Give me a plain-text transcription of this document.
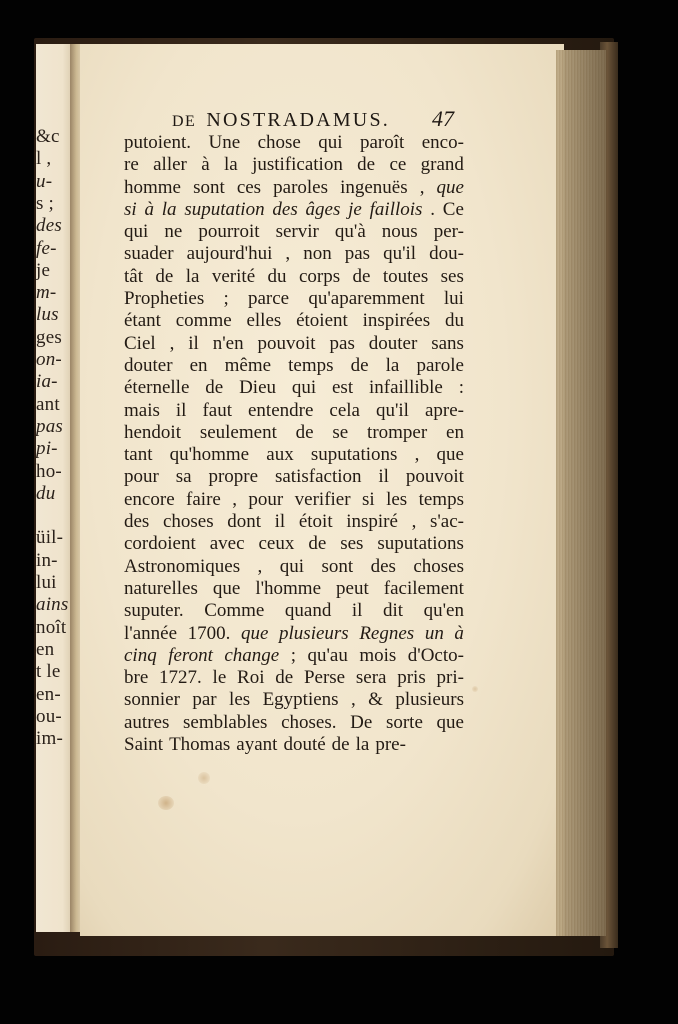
&c
l ,
u-
s ;
des
fe-
je
m-
lus
ges
on-
ia-
ant
pas
pi-
ho-
du
üil-
in-
lui
ains
noît
en
t le
en-
ou-
im-
DE NOSTRADAMUS.	47
putoient. Une chose qui paroît enco-
re aller à la justification de ce grand
homme sont ces paroles ingenuës , que
si à la suputation des âges je faillois . Ce
qui ne pourroit servir qu'à nous per-
suader aujourd'hui , non pas qu'il dou-
tât de la verité du corps de toutes ses
Propheties ; parce qu'aparemment lui
étant comme elles étoient inspirées du
Ciel , il n'en pouvoit pas douter sans
douter en même temps de la parole
éternelle de Dieu qui est infaillible :
mais il faut entendre cela qu'il apre-
hendoit seulement de se tromper en
tant qu'homme aux suputations , que
pour sa propre satisfaction il pouvoit
encore faire , pour verifier si les temps
des choses dont il étoit inspiré , s'ac-
cordoient avec ceux de ses suputations
Astronomiques , qui sont des choses
naturelles que l'homme peut facilement
suputer. Comme quand il dit qu'en
l'année 1700. que plusieurs Regnes un à
cinq feront change ; qu'au mois d'Octo-
bre 1727. le Roi de Perse sera pris pri-
sonnier par les Egyptiens , & plusieurs
autres semblables choses. De sorte que
Saint Thomas ayant douté de la pre-
